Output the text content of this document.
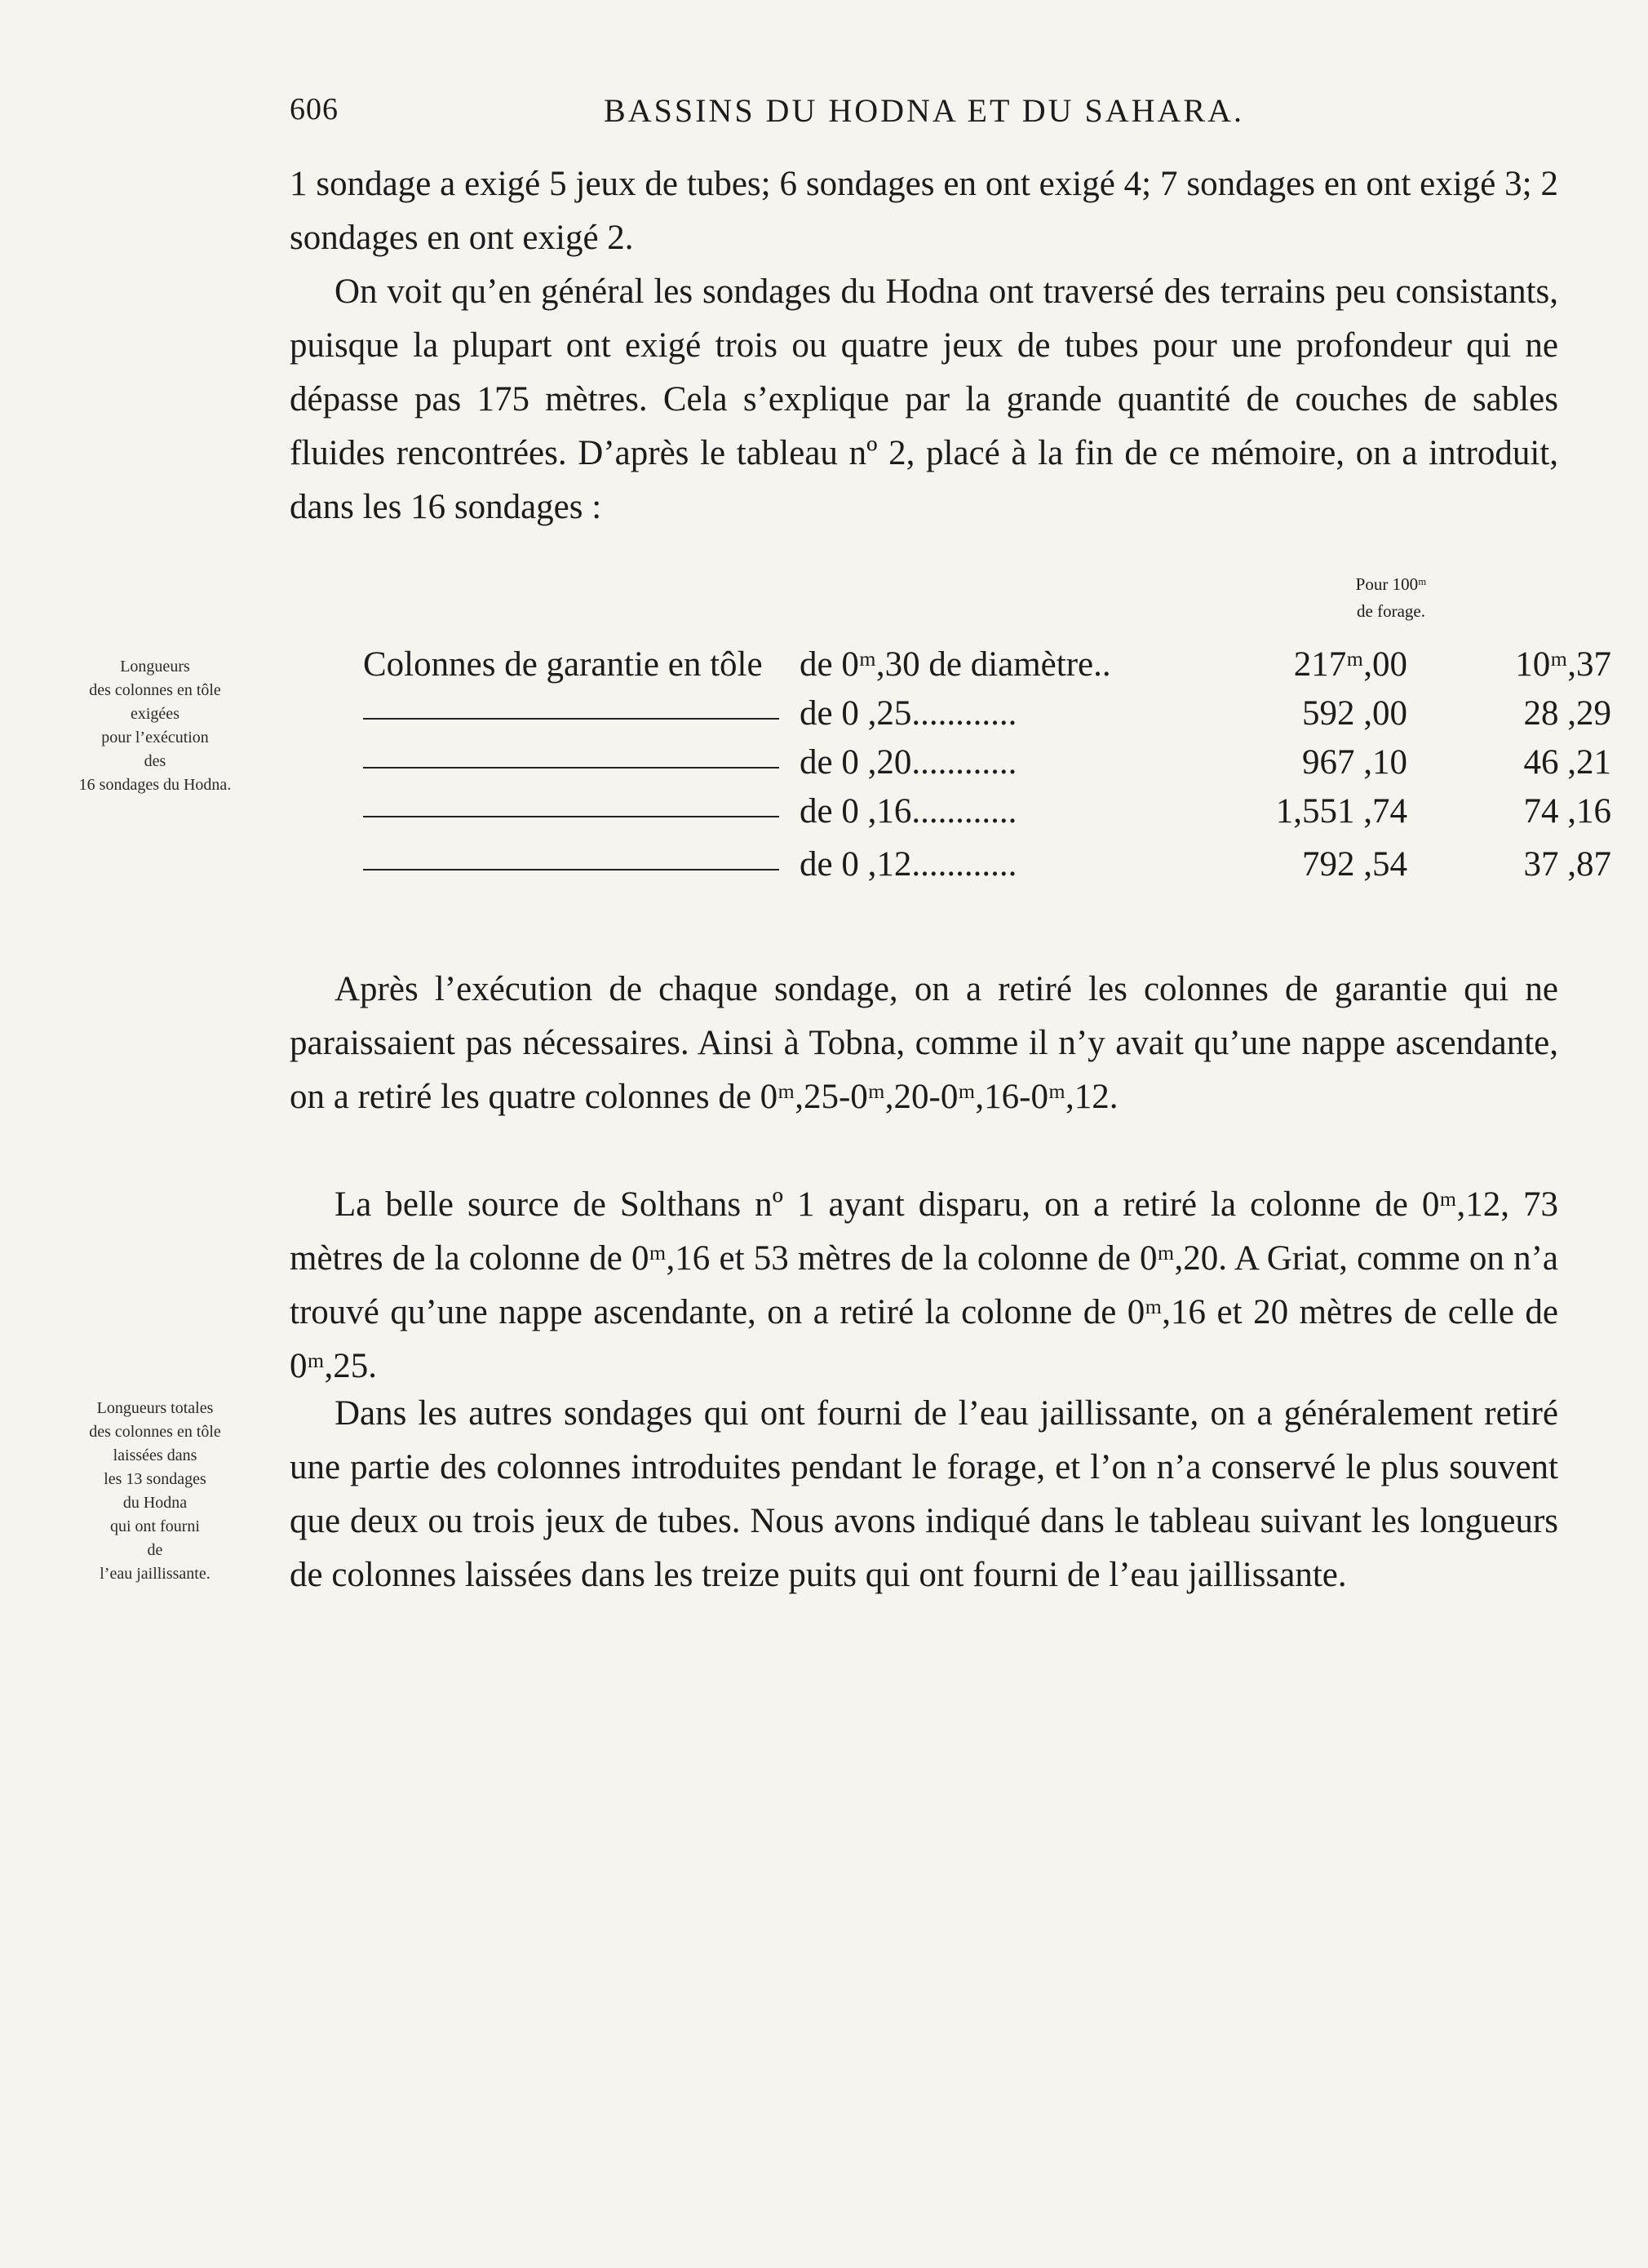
606	BASSINS DU HODNA ET DU SAHARA.

1 sondage a exigé 5 jeux de tubes; 6 sondages en ont exigé 4; 7 sondages en ont exigé 3; 2 sondages en ont exigé 2.

On voit qu’en général les sondages du Hodna ont traversé des terrains peu consistants, puisque la plupart ont exigé trois ou quatre jeux de tubes pour une profondeur qui ne dépasse pas 175 mètres. Cela s’explique par la grande quantité de couches de sables fluides rencontrées. D’après le tableau nº 2, placé à la fin de ce mémoire, on a introduit, dans les 16 sondages :

Longueurs
des colonnes en tôle
exigées
pour l’exécution
des
16 sondages du Hodna.
Pour 100ᵐ
de forage.
Colonnes de garantie en tôle de 0ᵐ,30 de diamètre..	217ᵐ,00	10ᵐ,37
de 0 ,25............	592 ,00	28 ,29
de 0 ,20............	967 ,10	46 ,21
de 0 ,16............	1,551 ,74	74 ,16
de 0 ,12............	792 ,54	37 ,87

Après l’exécution de chaque sondage, on a retiré les colonnes de garantie qui ne paraissaient pas nécessaires. Ainsi à Tobna, comme il n’y avait qu’une nappe ascendante, on a retiré les quatre colonnes de 0ᵐ,25-0ᵐ,20-0ᵐ,16-0ᵐ,12.

La belle source de Solthans nº 1 ayant disparu, on a retiré la colonne de 0ᵐ,12, 73 mètres de la colonne de 0ᵐ,16 et 53 mètres de la colonne de 0ᵐ,20. A Griat, comme on n’a trouvé qu’une nappe ascendante, on a retiré la colonne de 0ᵐ,16 et 20 mètres de celle de 0ᵐ,25.

Dans les autres sondages qui ont fourni de l’eau jaillissante, on a généralement retiré une partie des colonnes introduites pendant le forage, et l’on n’a conservé le plus souvent que deux ou trois jeux de tubes. Nous avons indiqué dans le tableau suivant les longueurs de colonnes laissées dans les treize puits qui ont fourni de l’eau jaillissante.

Longueurs totales
des colonnes en tôle
laissées dans
les 13 sondages
du Hodna
qui ont fourni
de
l’eau jaillissante.
